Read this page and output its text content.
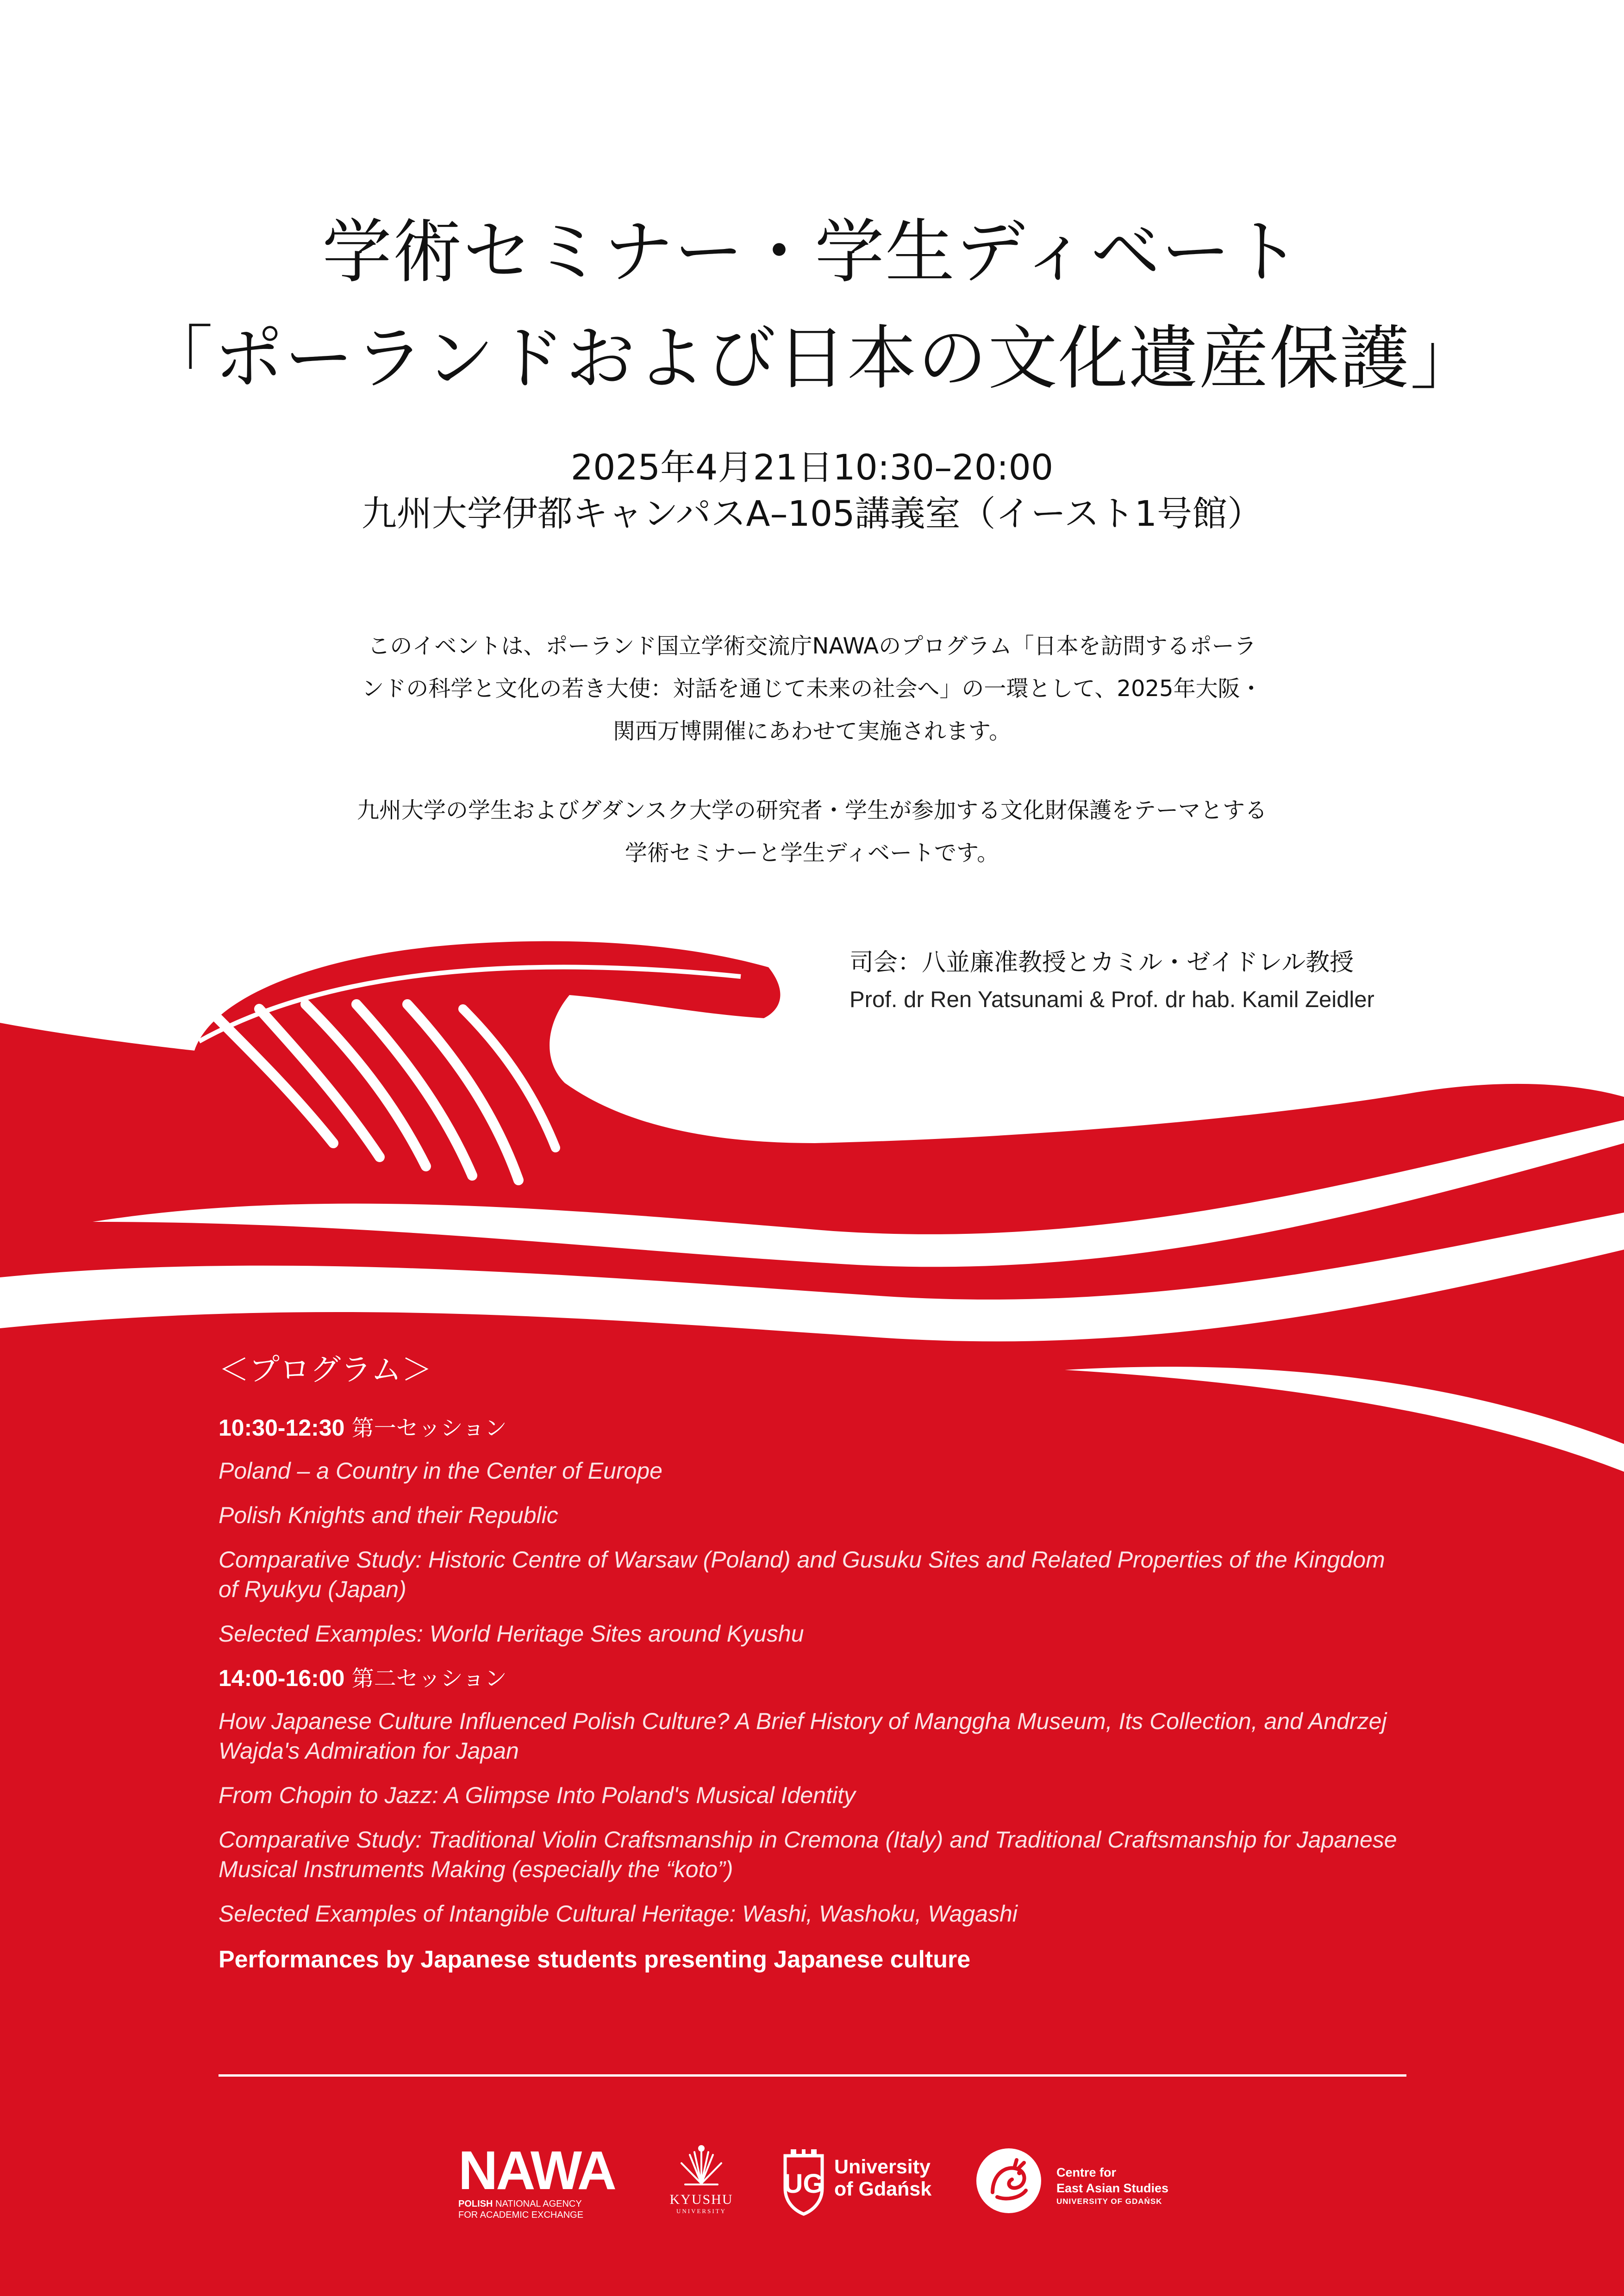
学術セミナー・学生ディベート
「ポーランドおよび日本の文化遺産保護」
2025年4月21日10:30–20:00
九州大学伊都キャンパスA–105講義室（イースト1号館）
このイベントは、ポーランド国立学術交流庁NAWAのプログラム「日本を訪問するポーラ
ンドの科学と文化の若き大使：対話を通じて未来の社会へ」の一環として、2025年大阪・
関西万博開催にあわせて実施されます。
九州大学の学生およびグダンスク大学の研究者・学生が参加する文化財保護をテーマとする
学術セミナーと学生ディベートです。
司会：八並廉准教授とカミル・ゼイドレル教授
Prof. dr Ren Yatsunami & Prof. dr hab. Kamil Zeidler
＜プログラム＞
10:30-12:30 第一セッション
Poland – a Country in the Center of Europe
Polish Knights and their Republic
Comparative Study: Historic Centre of Warsaw (Poland) and Gusuku Sites and Related Properties of the Kingdom of Ryukyu (Japan)
Selected Examples: World Heritage Sites around Kyushu
14:00-16:00 第二セッション
How Japanese Culture Influenced Polish Culture? A Brief History of Manggha Museum, Its Collection, and Andrzej Wajda's Admiration for Japan
From Chopin to Jazz: A Glimpse Into Poland's Musical Identity
Comparative Study: Traditional Violin Craftsmanship in Cremona (Italy) and Traditional Craftsmanship for Japanese Musical Instruments Making (especially the “koto”)
Selected Examples of Intangible Cultural Heritage: Washi, Washoku, Wagashi
Performances by Japanese students presenting Japanese culture
NAWA
POLISH NATIONAL AGENCY
FOR ACADEMIC EXCHANGE
KYUSHU
UNIVERSITY
UG
University
of Gdańsk
Centre for
East Asian Studies
UNIVERSITY OF GDAŃSK
